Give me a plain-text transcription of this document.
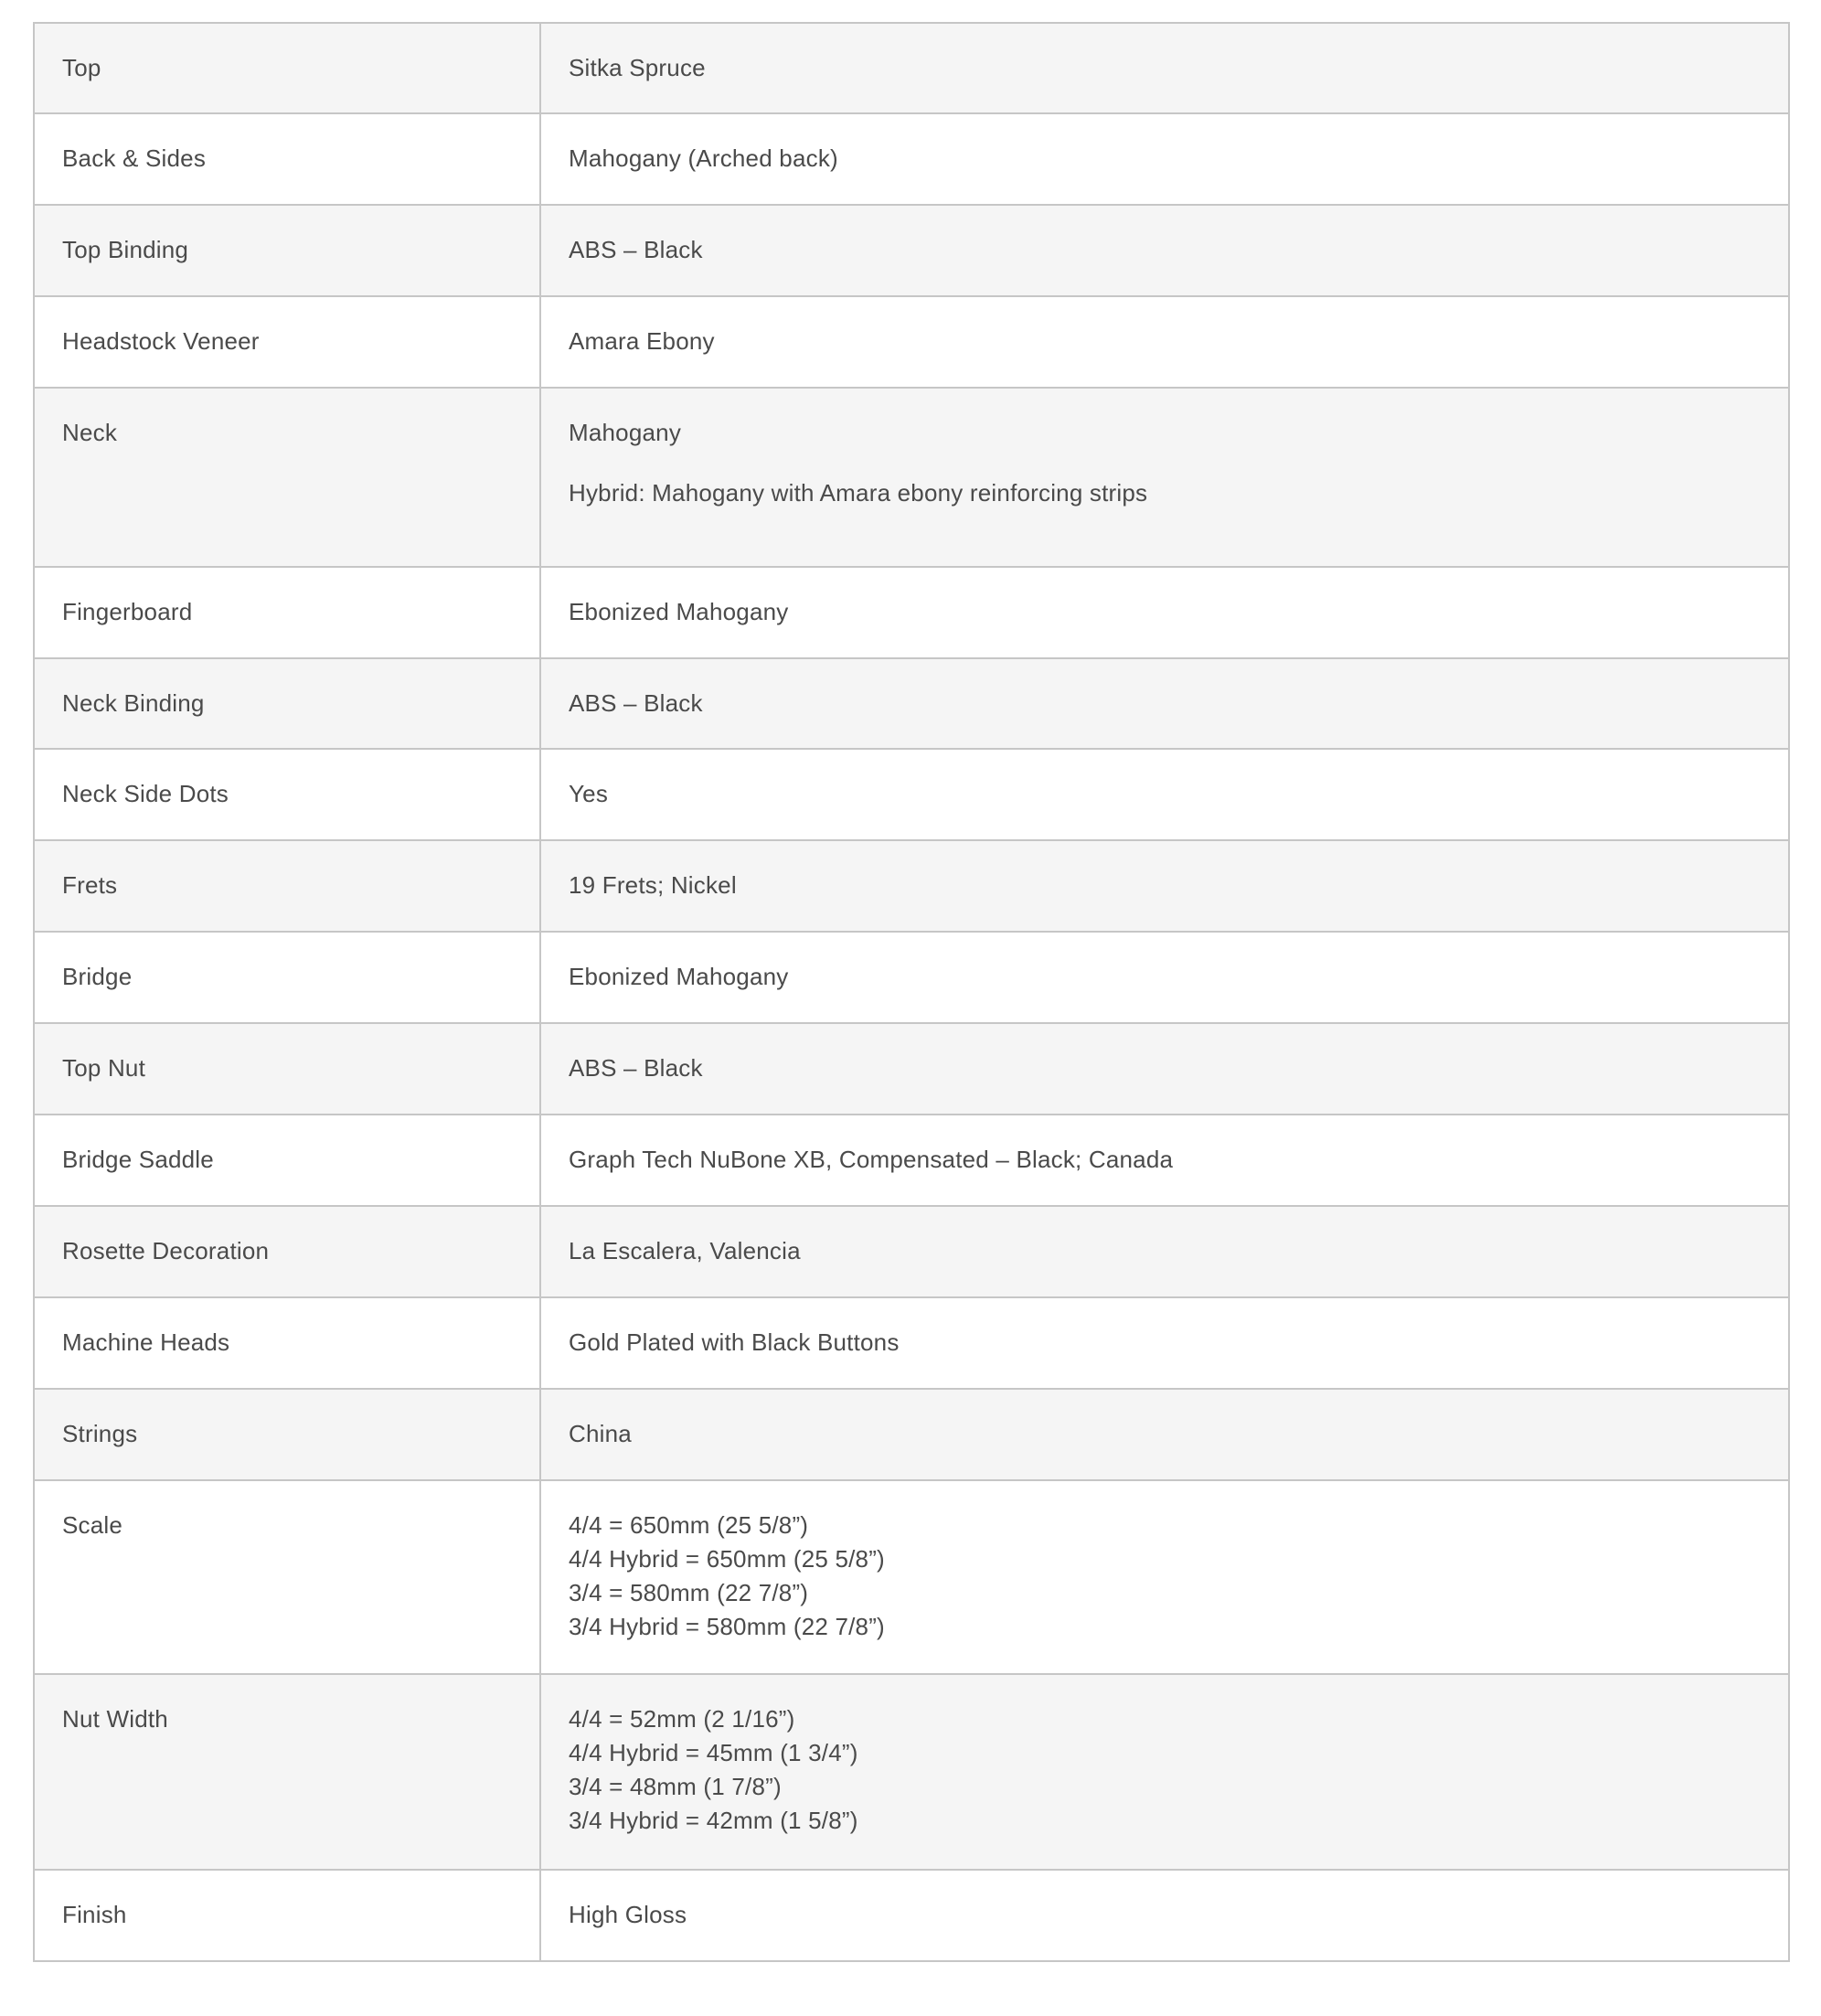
Top	Sitka Spruce
Back & Sides	Mahogany (Arched back)
Top Binding	ABS – Black
Headstock Veneer	Amara Ebony
Neck	Mahogany
Hybrid: Mahogany with Amara ebony reinforcing strips

Fingerboard	Ebonized Mahogany
Neck Binding	ABS – Black
Neck Side Dots	Yes
Frets	19 Frets; Nickel
Bridge	Ebonized Mahogany
Top Nut	ABS – Black
Bridge Saddle	Graph Tech NuBone XB, Compensated – Black; Canada
Rosette Decoration	La Escalera, Valencia
Machine Heads	Gold Plated with Black Buttons
Strings	China
Scale	4/4 = 650mm (25 5/8”)
4/4 Hybrid = 650mm (25 5/8”)
3/4 = 580mm (22 7/8”)
3/4 Hybrid = 580mm (22 7/8”)

Nut Width	4/4 = 52mm (2 1/16”)
4/4 Hybrid = 45mm (1 3/4”)
3/4 = 48mm (1 7/8”)
3/4 Hybrid = 42mm (1 5/8”)

Finish	High Gloss
